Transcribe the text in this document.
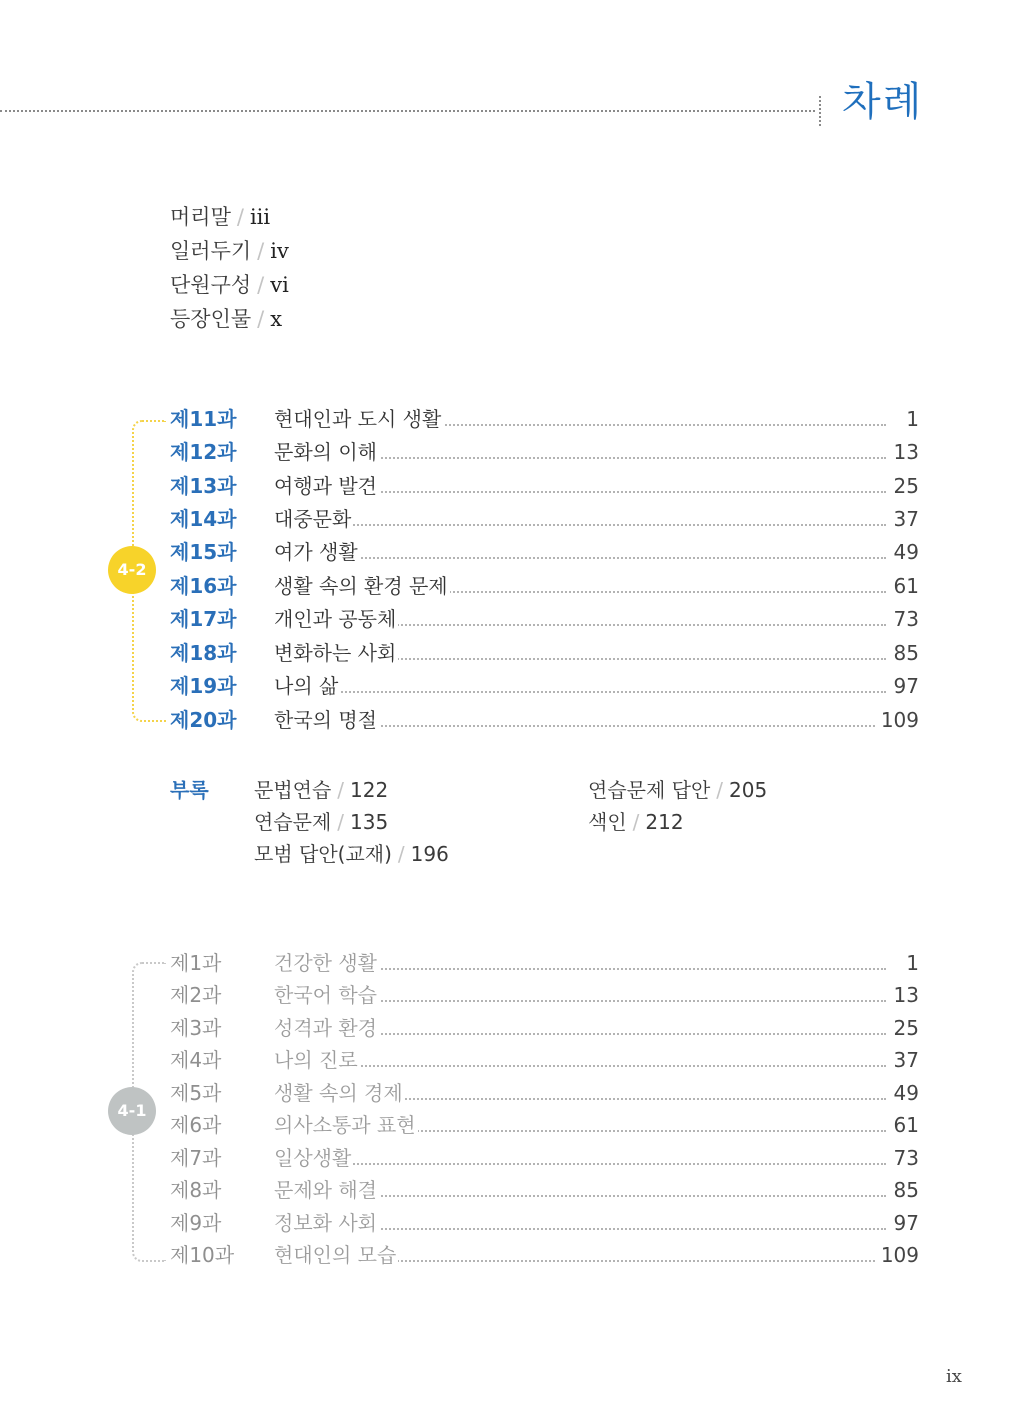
차례
머리말 / iii
일러두기 / iv
단원구성 / vi
등장인물 / x
4-2
제11과 현대인과 도시 생활	1
제12과 문화의 이해	13
제13과 여행과 발견	25
제14과 대중문화	37
제15과 여가 생활	49
제16과 생활 속의 환경 문제	61
제17과 개인과 공동체	73
제18과 변화하는 사회	85
제19과 나의 삶	97
제20과 한국의 명절	109
부록 문법연습 / 122
연습문제 / 135
모범 답안(교재) / 196
연습문제 답안 / 205
색인 / 212
4-1
제1과	건강한 생활	1
제2과	한국어 학습	13
제3과	성격과 환경	25
제4과	나의 진로	37
제5과	생활 속의 경제	49
제6과	의사소통과 표현	61
제7과	일상생활	73
제8과	문제와 해결	85
제9과	정보화 사회	97
제10과 현대인의 모습	109
ix
